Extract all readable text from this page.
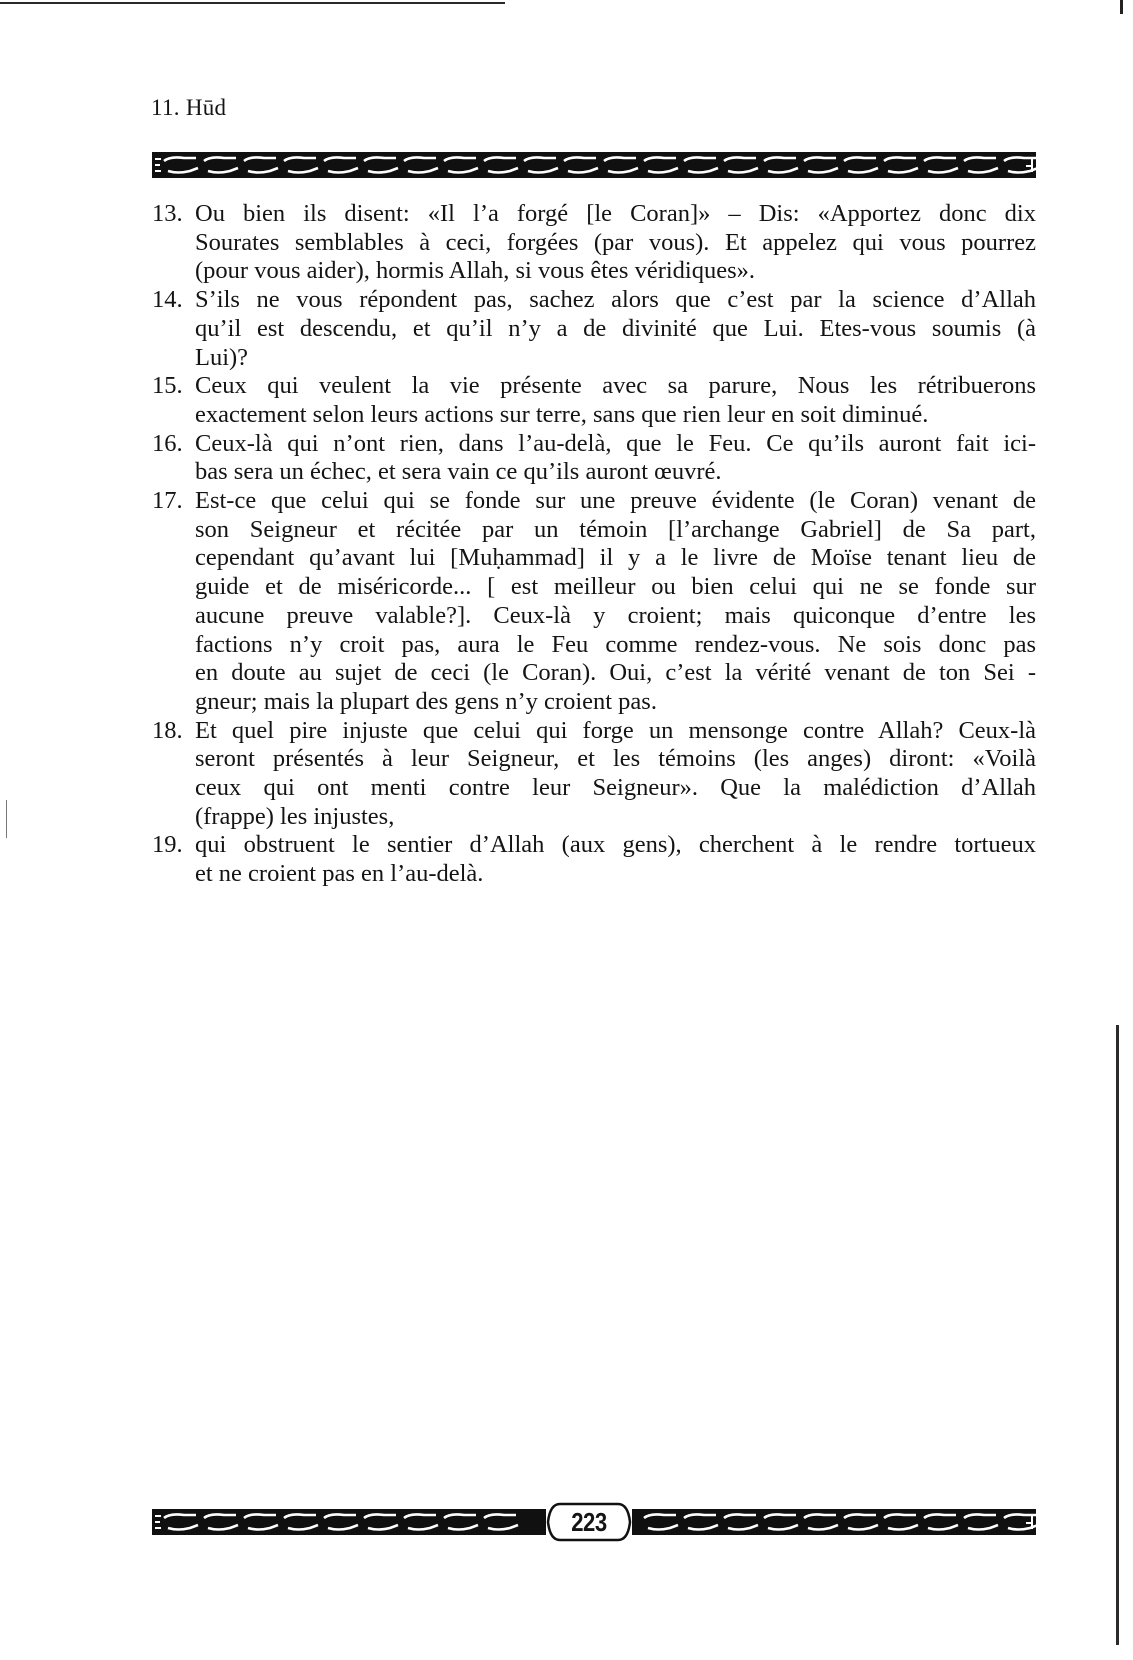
11. Hūd
13. Ou bien ils disent: «Il l’a forgé [le Coran]» – Dis: «Apportez donc dix
Sourates semblables à ceci, forgées (par vous). Et appelez qui vous pourrez
(pour vous aider), hormis Allah, si vous êtes véridiques».
14. S’ils ne vous répondent pas, sachez alors que c’est par la science d’Allah
qu’il est descendu, et qu’il n’y a de divinité que Lui. Etes-vous soumis (à
Lui)?
15. Ceux qui veulent la vie présente avec sa parure, Nous les rétribuerons
exactement selon leurs actions sur terre, sans que rien leur en soit diminué.
16. Ceux-là qui n’ont rien, dans l’au-delà, que le Feu. Ce qu’ils auront fait ici-
bas sera un échec, et sera vain ce qu’ils auront œuvré.
17. Est-ce que celui qui se fonde sur une preuve évidente (le Coran) venant de
son Seigneur et récitée par un témoin [l’archange Gabriel] de Sa part,
cependant qu’avant lui [Muḥammad] il y a le livre de Moïse tenant lieu de
guide et de miséricorde... [ est meilleur ou bien celui qui ne se fonde sur
aucune preuve valable?]. Ceux-là y croient; mais quiconque d’entre les
factions n’y croit pas, aura le Feu comme rendez-vous. Ne sois donc pas
en doute au sujet de ceci (le Coran). Oui, c’est la vérité venant de ton Sei -
gneur; mais la plupart des gens n’y croient pas.
18. Et quel pire injuste que celui qui forge un mensonge contre Allah? Ceux-là
seront présentés à leur Seigneur, et les témoins (les anges) diront: «Voilà
ceux qui ont menti contre leur Seigneur». Que la malédiction d’Allah
(frappe) les injustes,
19. qui obstruent le sentier d’Allah (aux gens), cherchent à le rendre tortueux
et ne croient pas en l’au-delà.
223
